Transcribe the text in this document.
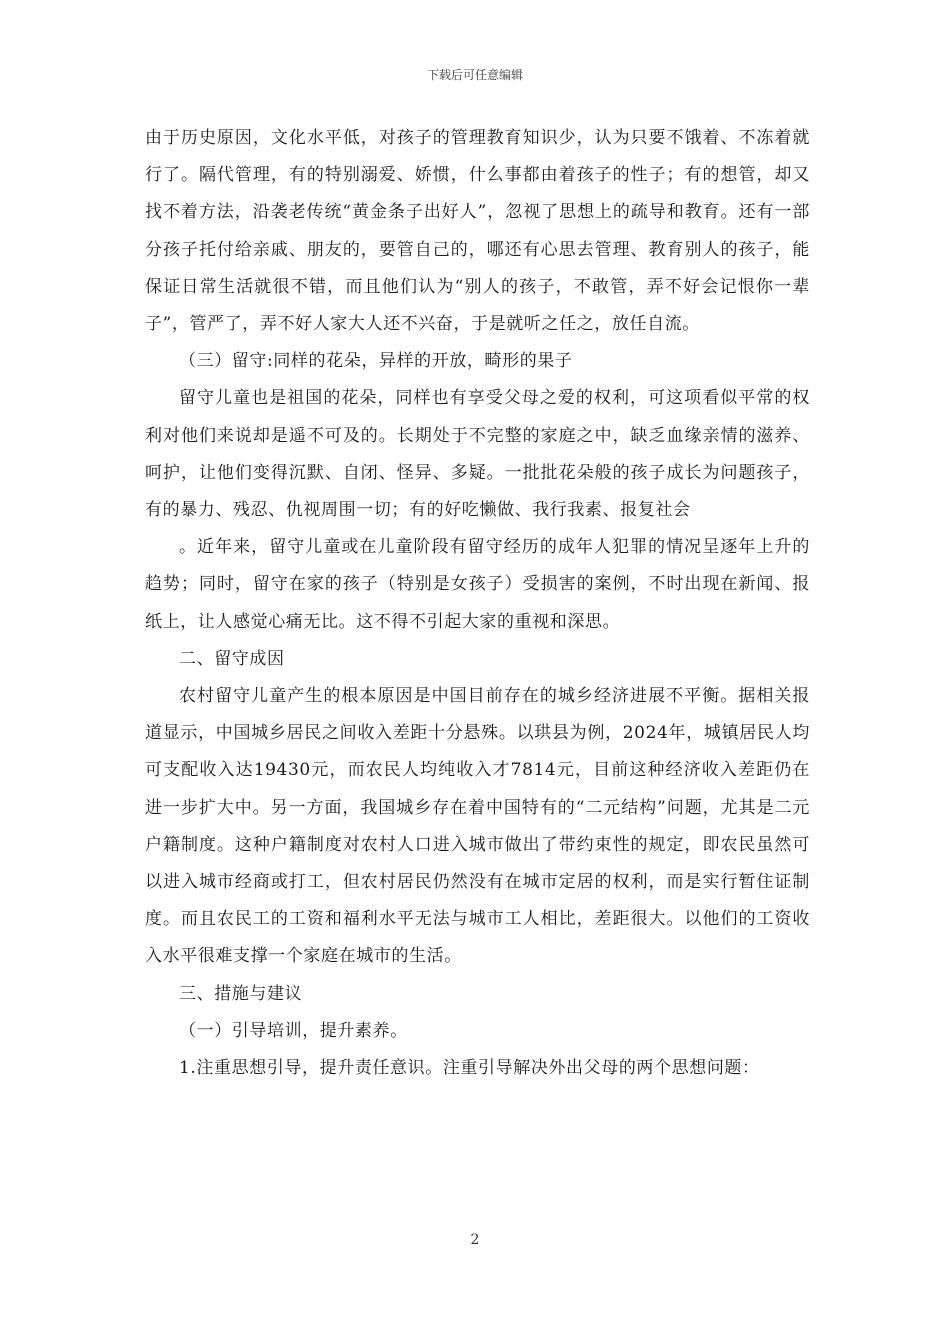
下载后可任意编辑

由于历史原因，文化水平低，对孩子的管理教育知识少，认为只要不饿着、不冻着就行了。隔代管理，有的特别溺爱、娇惯，什么事都由着孩子的性子；有的想管，却又找不着方法，沿袭老传统“黄金条子出好人”，忽视了思想上的疏导和教育。还有一部分孩子托付给亲戚、朋友的，要管自己的，哪还有心思去管理、教育别人的孩子，能保证日常生活就很不错，而且他们认为“别人的孩子，不敢管，弄不好会记恨你一辈子”，管严了，弄不好人家大人还不兴奋，于是就听之任之，放任自流。

（三）留守:同样的花朵，异样的开放，畸形的果子

留守儿童也是祖国的花朵，同样也有享受父母之爱的权利，可这项看似平常的权利对他们来说却是遥不可及的。长期处于不完整的家庭之中，缺乏血缘亲情的滋养、呵护，让他们变得沉默、自闭、怪异、多疑。一批批花朵般的孩子成长为问题孩子，有的暴力、残忍、仇视周围一切；有的好吃懒做、我行我素、报复社会

。近年来，留守儿童或在儿童阶段有留守经历的成年人犯罪的情况呈逐年上升的趋势；同时，留守在家的孩子（特别是女孩子）受损害的案例，不时出现在新闻、报纸上，让人感觉心痛无比。这不得不引起大家的重视和深思。

二、留守成因

农村留守儿童产生的根本原因是中国目前存在的城乡经济进展不平衡。据相关报道显示，中国城乡居民之间收入差距十分悬殊。以珙县为例，2024年，城镇居民人均可支配收入达19430元，而农民人均纯收入才7814元，目前这种经济收入差距仍在进一步扩大中。另一方面，我国城乡存在着中国特有的“二元结构”问题，尤其是二元户籍制度。这种户籍制度对农村人口进入城市做出了带约束性的规定，即农民虽然可以进入城市经商或打工，但农村居民仍然没有在城市定居的权利，而是实行暂住证制度。而且农民工的工资和福利水平无法与城市工人相比，差距很大。以他们的工资收入水平很难支撑一个家庭在城市的生活。

三、措施与建议

（一）引导培训，提升素养。

1.注重思想引导，提升责任意识。注重引导解决外出父母的两个思想问题：

2
